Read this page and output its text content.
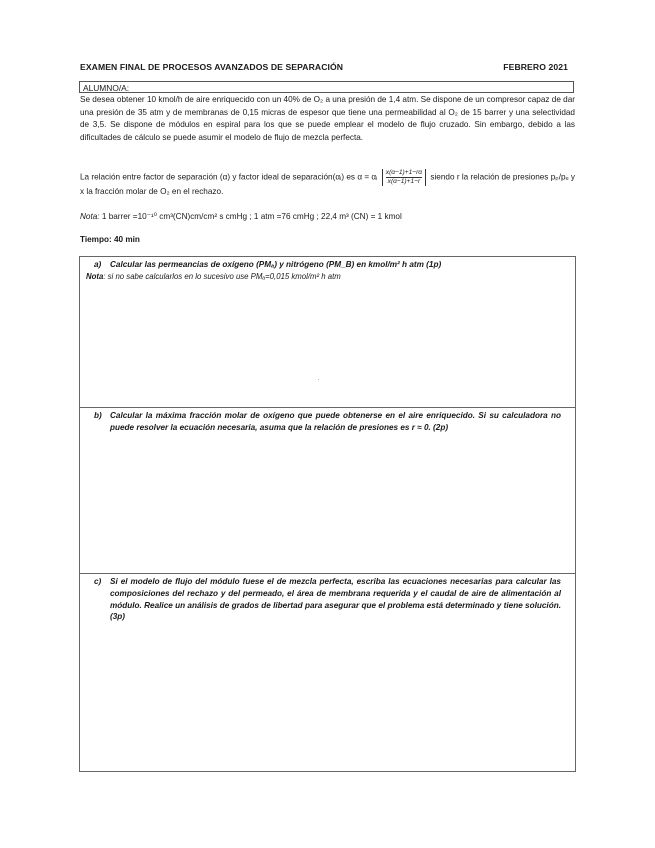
EXAMEN FINAL DE PROCESOS AVANZADOS DE SEPARACIÓN	FEBRERO 2021
ALUMNO/A:
Se desea obtener 10 kmol/h de aire enriquecido con un 40% de O₂ a una presión de 1,4 atm. Se dispone de un compresor capaz de dar una presión de 35 atm y de membranas de 0,15 micras de espesor que tiene una permeabilidad al O₂ de 15 barrer y una selectividad de 3,5. Se dispone de módulos en espiral para los que se puede emplear el modelo de flujo cruzado. Sin embargo, debido a las dificultades de cálculo se puede asumir el modelo de flujo de mezcla perfecta.
La relación entre factor de separación (α) y factor ideal de separación(αᵢ) es α = αᵢ $\frac{x(\alpha-1)+1-r\alpha}{x(\alpha-1)+1-r}$ siendo r la relación de presiones pₚ/pₑ y x la fracción molar de O₂ en el rechazo.
Nota: 1 barrer =10⁻¹⁰ cm³(CN)cm/cm² s cmHg ; 1 atm =76 cmHg ; 22,4 m³ (CN) = 1 kmol
Tiempo: 40 min
a) Calcular las permeancias de oxígeno (PMₐ) y nitrógeno (PM_B) en kmol/m² h atm (1p)
Nota: si no sabe calcularlos en lo sucesivo use PMₐ=0,015 kmol/m² h atm
b) Calcular la máxima fracción molar de oxígeno que puede obtenerse en el aire enriquecido. Si su calculadora no puede resolver la ecuación necesaria, asuma que la relación de presiones es r ≈ 0. (2p)
c) Si el modelo de flujo del módulo fuese el de mezcla perfecta, escriba las ecuaciones necesarias para calcular las composiciones del rechazo y del permeado, el área de membrana requerida y el caudal de aire de alimentación al módulo. Realice un análisis de grados de libertad para asegurar que el problema está determinado y tiene solución. (3p)
